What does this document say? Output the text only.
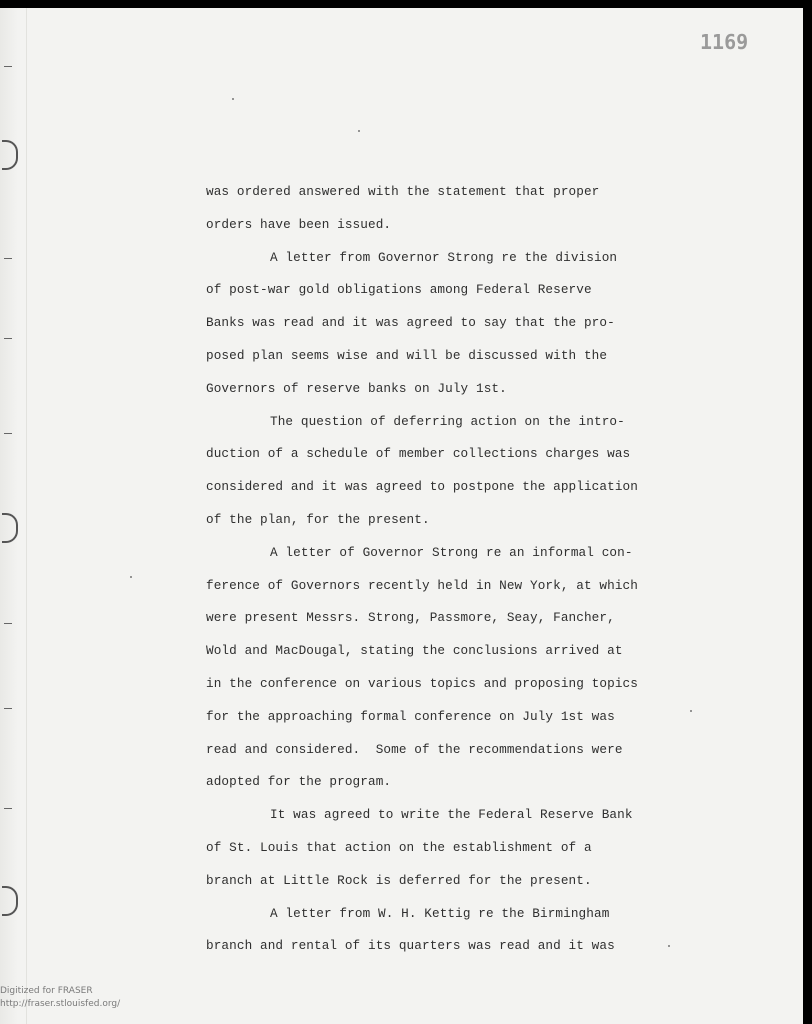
1169
was ordered answered with the statement that proper
orders have been issued.
A letter from Governor Strong re the division
of post-war gold obligations among Federal Reserve
Banks was read and it was agreed to say that the pro-
posed plan seems wise and will be discussed with the
Governors of reserve banks on July 1st.
The question of deferring action on the intro-
duction of a schedule of member collections charges was
considered and it was agreed to postpone the application
of the plan, for the present.
A letter of Governor Strong re an informal con-
ference of Governors recently held in New York, at which
were present Messrs. Strong, Passmore, Seay, Fancher,
Wold and MacDougal, stating the conclusions arrived at
in the conference on various topics and proposing topics
for the approaching formal conference on July 1st was
read and considered.  Some of the recommendations were
adopted for the program.
It was agreed to write the Federal Reserve Bank
of St. Louis that action on the establishment of a
branch at Little Rock is deferred for the present.
A letter from W. H. Kettig re the Birmingham
branch and rental of its quarters was read and it was
Digitized for FRASER
http://fraser.stlouisfed.org/
